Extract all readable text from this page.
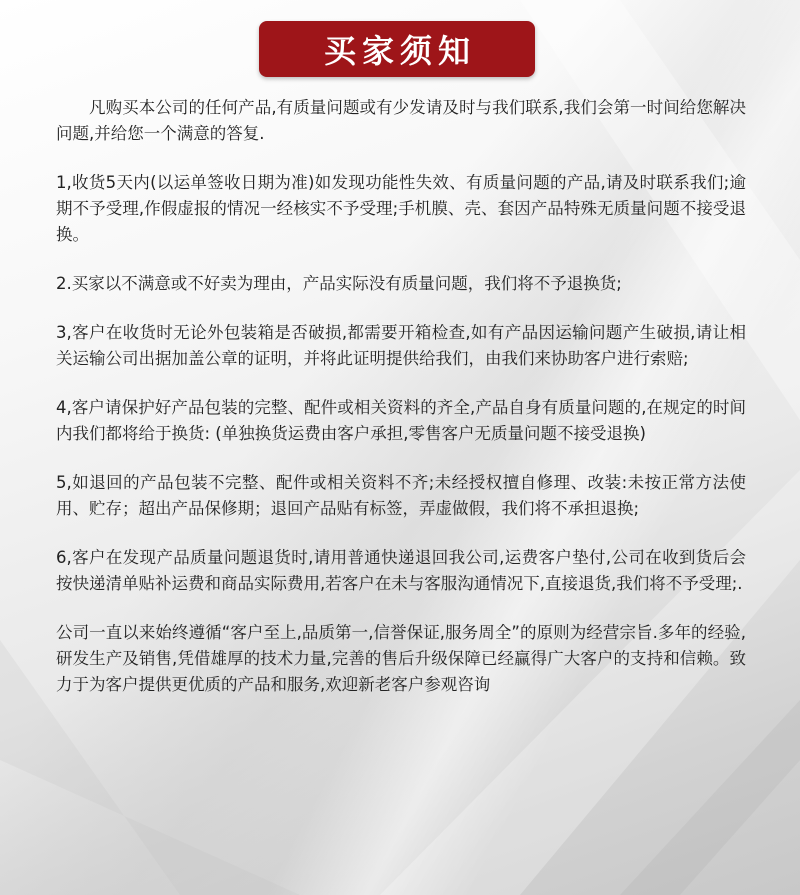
买家须知

凡购买本公司的任何产品,有质量问题或有少发请及时与我们联系,我们会第一时间给您解决问题,并给您一个满意的答复.

1,收货5天内(以运单签收日期为准)如发现功能性失效、有质量问题的产品,请及时联系我们;逾期不予受理,作假虚报的情况一经核实不予受理;手机膜、壳、套因产品特殊无质量问题不接受退换。

2.买家以不满意或不好卖为理由，产品实际没有质量问题，我们将不予退换货;

3,客户在收货时无论外包装箱是否破损,都需要开箱检查,如有产品因运输问题产生破损,请让相关运输公司出据加盖公章的证明，并将此证明提供给我们，由我们来协助客户进行索赔;

4,客户请保护好产品包装的完整、配件或相关资料的齐全,产品自身有质量问题的,在规定的时间内我们都将给于换货: (单独换货运费由客户承担,零售客户无质量问题不接受退换)

5,如退回的产品包装不完整、配件或相关资料不齐;未经授权擅自修理、改装:未按正常方法使用、贮存；超出产品保修期；退回产品贴有标签，弄虚做假，我们将不承担退换;

6,客户在发现产品质量问题退货时,请用普通快递退回我公司,运费客户垫付,公司在收到货后会按快递清单贴补运费和商品实际费用,若客户在未与客服沟通情况下,直接退货,我们将不予受理;.

公司一直以来始终遵循“客户至上,品质第一,信誉保证,服务周全”的原则为经营宗旨.多年的经验,研发生产及销售,凭借雄厚的技术力量,完善的售后升级保障已经赢得广大客户的支持和信赖。致力于为客户提供更优质的产品和服务,欢迎新老客户参观咨询
